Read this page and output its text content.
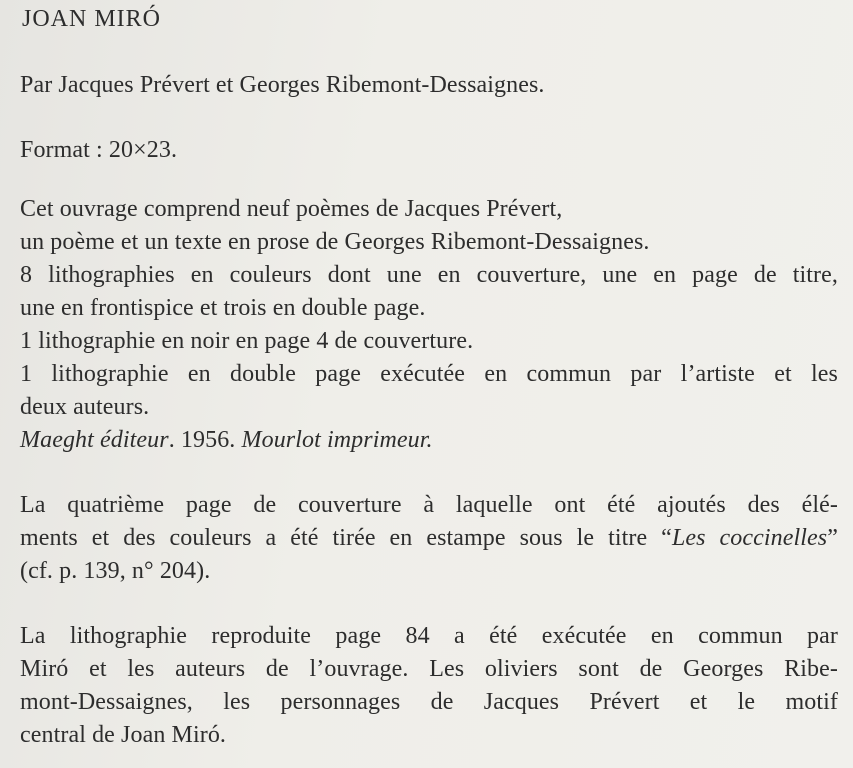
JOAN MIRÓ
Par Jacques Prévert et Georges Ribemont-Dessaignes.
Format : 20×23.
Cet ouvrage comprend neuf poèmes de Jacques Prévert,
un poème et un texte en prose de Georges Ribemont-Dessaignes.
8 lithographies en couleurs dont une en couverture, une en page de titre,
une en frontispice et trois en double page.
1 lithographie en noir en page 4 de couverture.
1 lithographie en double page exécutée en commun par l’artiste et les
deux auteurs.
Maeght éditeur. 1956. Mourlot imprimeur.
La quatrième page de couverture à laquelle ont été ajoutés des élé-
ments et des couleurs a été tirée en estampe sous le titre “Les coccinelles”
(cf. p. 139, n° 204).
La lithographie reproduite page 84 a été exécutée en commun par
Miró et les auteurs de l’ouvrage. Les oliviers sont de Georges Ribe-
mont-Dessaignes, les personnages de Jacques Prévert et le motif
central de Joan Miró.
